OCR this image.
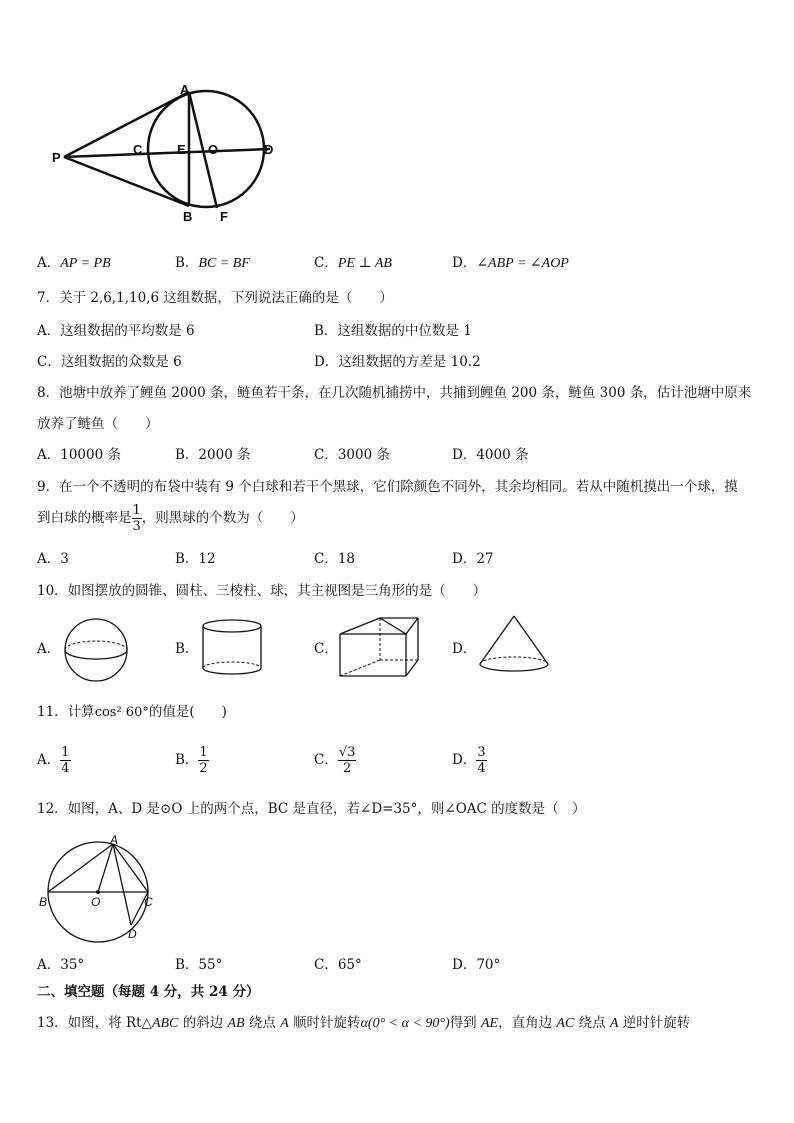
A
B
C	D
E O
P
F
A．AP = PB	B．BC = BF	C．PE ⊥ AB	D．∠ABP = ∠AOP
7．关于 2,6,1,10,6 这组数据，下列说法正确的是（　　）
A．这组数据的平均数是 6	B．这组数据的中位数是 1
C．这组数据的众数是 6	D．这组数据的方差是 10.2
8．池塘中放养了鲤鱼 2000 条，鲢鱼若干条，在几次随机捕捞中，共捕到鲤鱼 200 条，鲢鱼 300 条，估计池塘中原来
放养了鲢鱼（　　）
A．10000 条	B．2000 条	C．3000 条	D．4000 条
9．在一个不透明的布袋中装有 9 个白球和若干个黑球，它们除颜色不同外，其余均相同。若从中随机摸出一个球，摸
到白球的概率是 $\frac{1}{3}$ ，则黑球的个数为（　　）
A．3	B．12	C．18	D．27
10．如图摆放的圆锥、圆柱、三棱柱、球，其主视图是三角形的是（　　）
A．	B．	C．	D．
11．计算cos² 60°的值是(　　)
A． $\frac{1}{4}$	B． $\frac{1}{2}$	C． $\frac{√3}{2}$	D． $\frac{3}{4}$
12．如图，A、D 是⊙O 上的两个点，BC 是直径，若∠D=35°，则∠OAC 的度数是（　）
A
B	C
D
O
A．35°	B．55°	C．65°	D．70°
二、填空题（每题 4 分，共 24 分）
13．如图，将 Rt△ABC 的斜边 AB 绕点 A 顺时针旋转α(0° < α < 90°)得到 AE，直角边 AC 绕点 A 逆时针旋转
